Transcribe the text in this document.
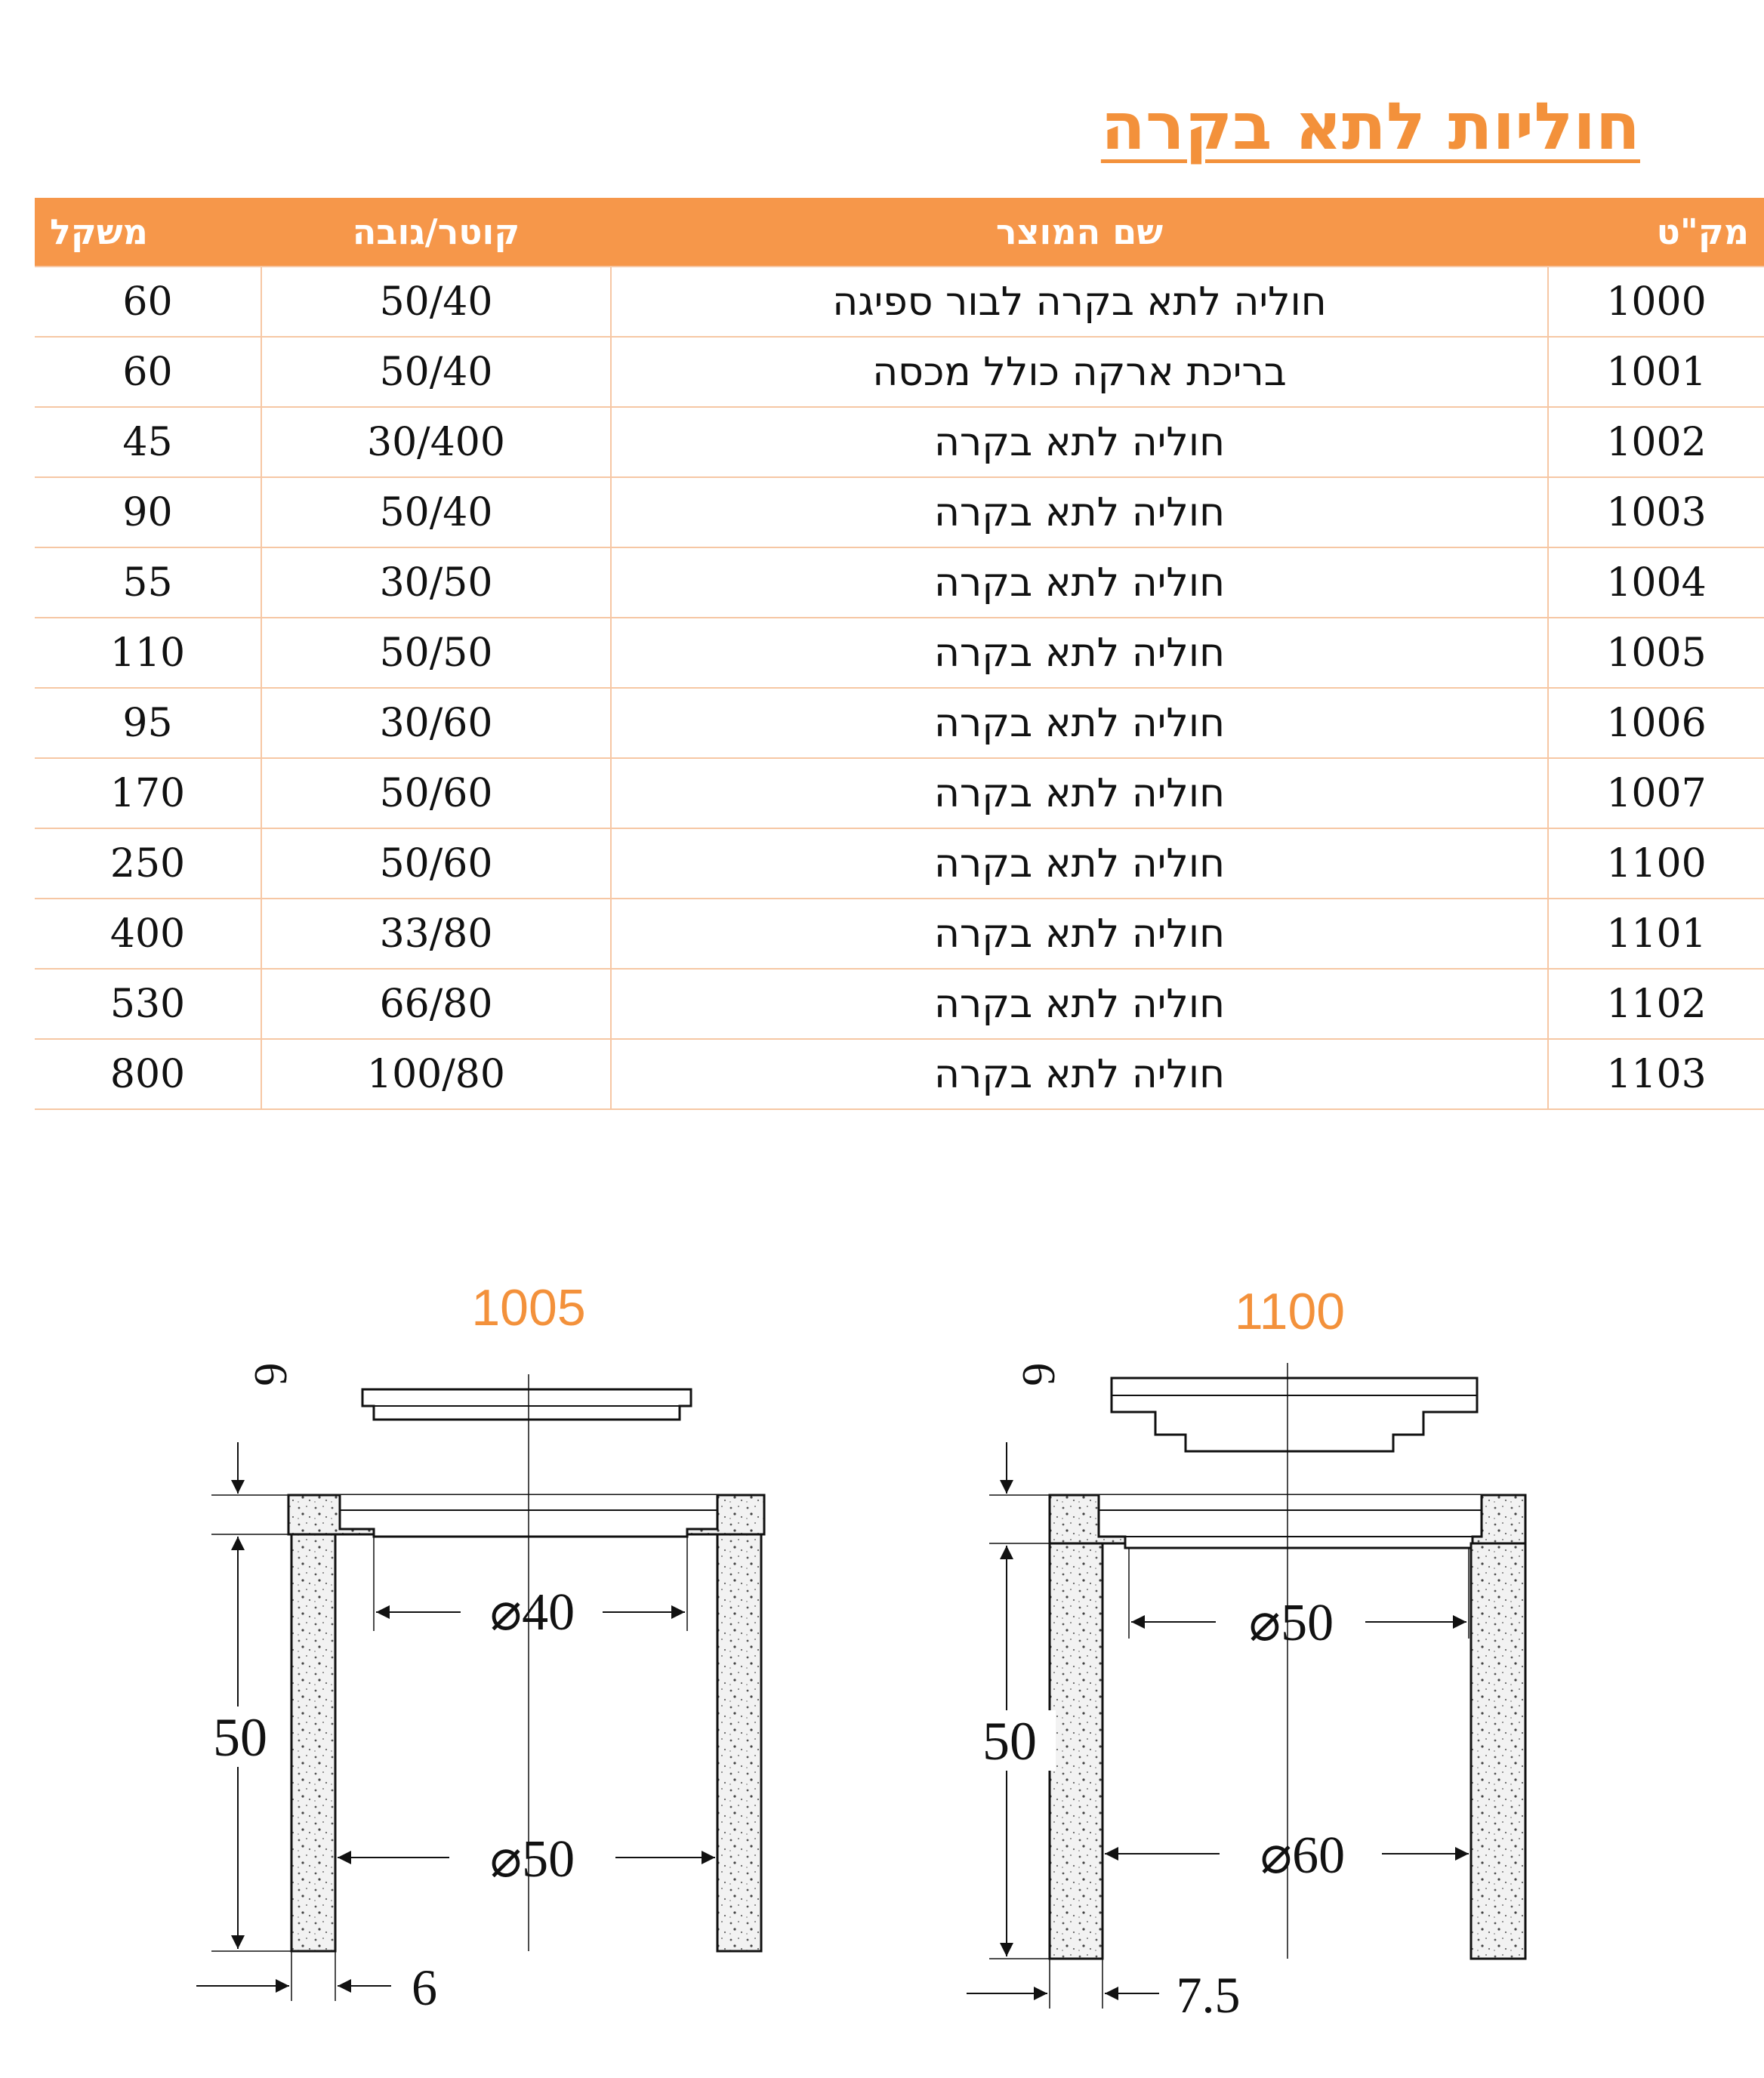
חוליות לתא בקרה
מק"ט	שם המוצר	קוטר/גובה	משקל
1000	חוליה לתא בקרה לבור ספיגה	50/40	60
1001	בריכת ארקה כולל מכסה	50/40	60
1002	חוליה לתא בקרה	30/400	45
1003	חוליה לתא בקרה	50/40	90
1004	חוליה לתא בקרה	30/50	55
1005	חוליה לתא בקרה	50/50	110
1006	חוליה לתא בקרה	30/60	95
1007	חוליה לתא בקרה	50/60	170
1100	חוליה לתא בקרה	50/60	250
1101	חוליה לתא בקרה	33/80	400
1102	חוליה לתא בקרה	66/80	530
1103	חוליה לתא בקרה	100/80	800
1005
6
50
⌀40
⌀50
6
1100
6
50
⌀50
⌀60
7.5
